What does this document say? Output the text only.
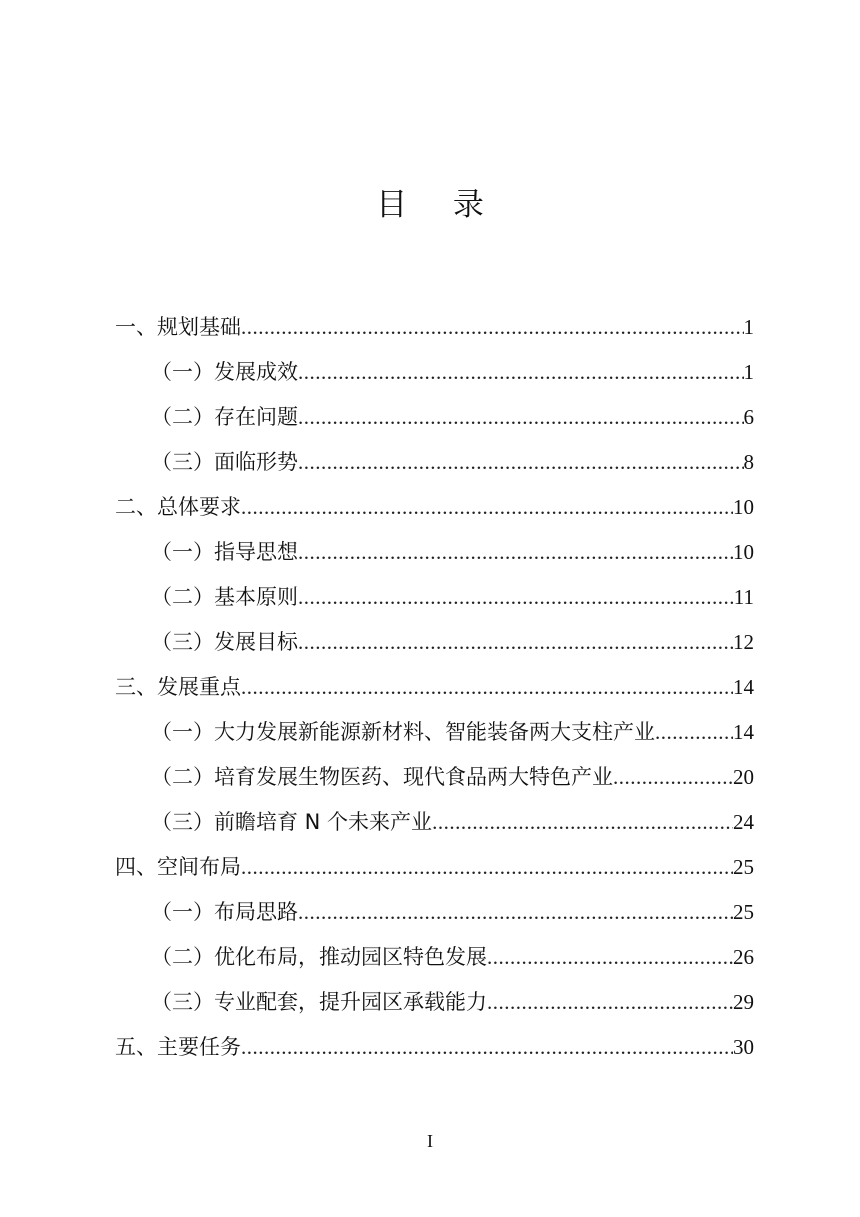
目 录
一、规划基础 .....	1
（一）发展成效 .....	1
（二）存在问题 .....	6
（三）面临形势 .....	8
二、总体要求 .....	10
（一）指导思想 .....	10
（二）基本原则 .....	11
（三）发展目标 .....	12
三、发展重点 .....	14
（一）大力发展新能源新材料、智能装备两大支柱产业 .....	14
（二）培育发展生物医药、现代食品两大特色产业 .....	20
（三）前瞻培育 N 个未来产业 .....	24
四、空间布局 .....	25
（一）布局思路 .....	25
（二）优化布局，推动园区特色发展 .....	26
（三）专业配套，提升园区承载能力 .....	29
五、主要任务 .....	30
I
